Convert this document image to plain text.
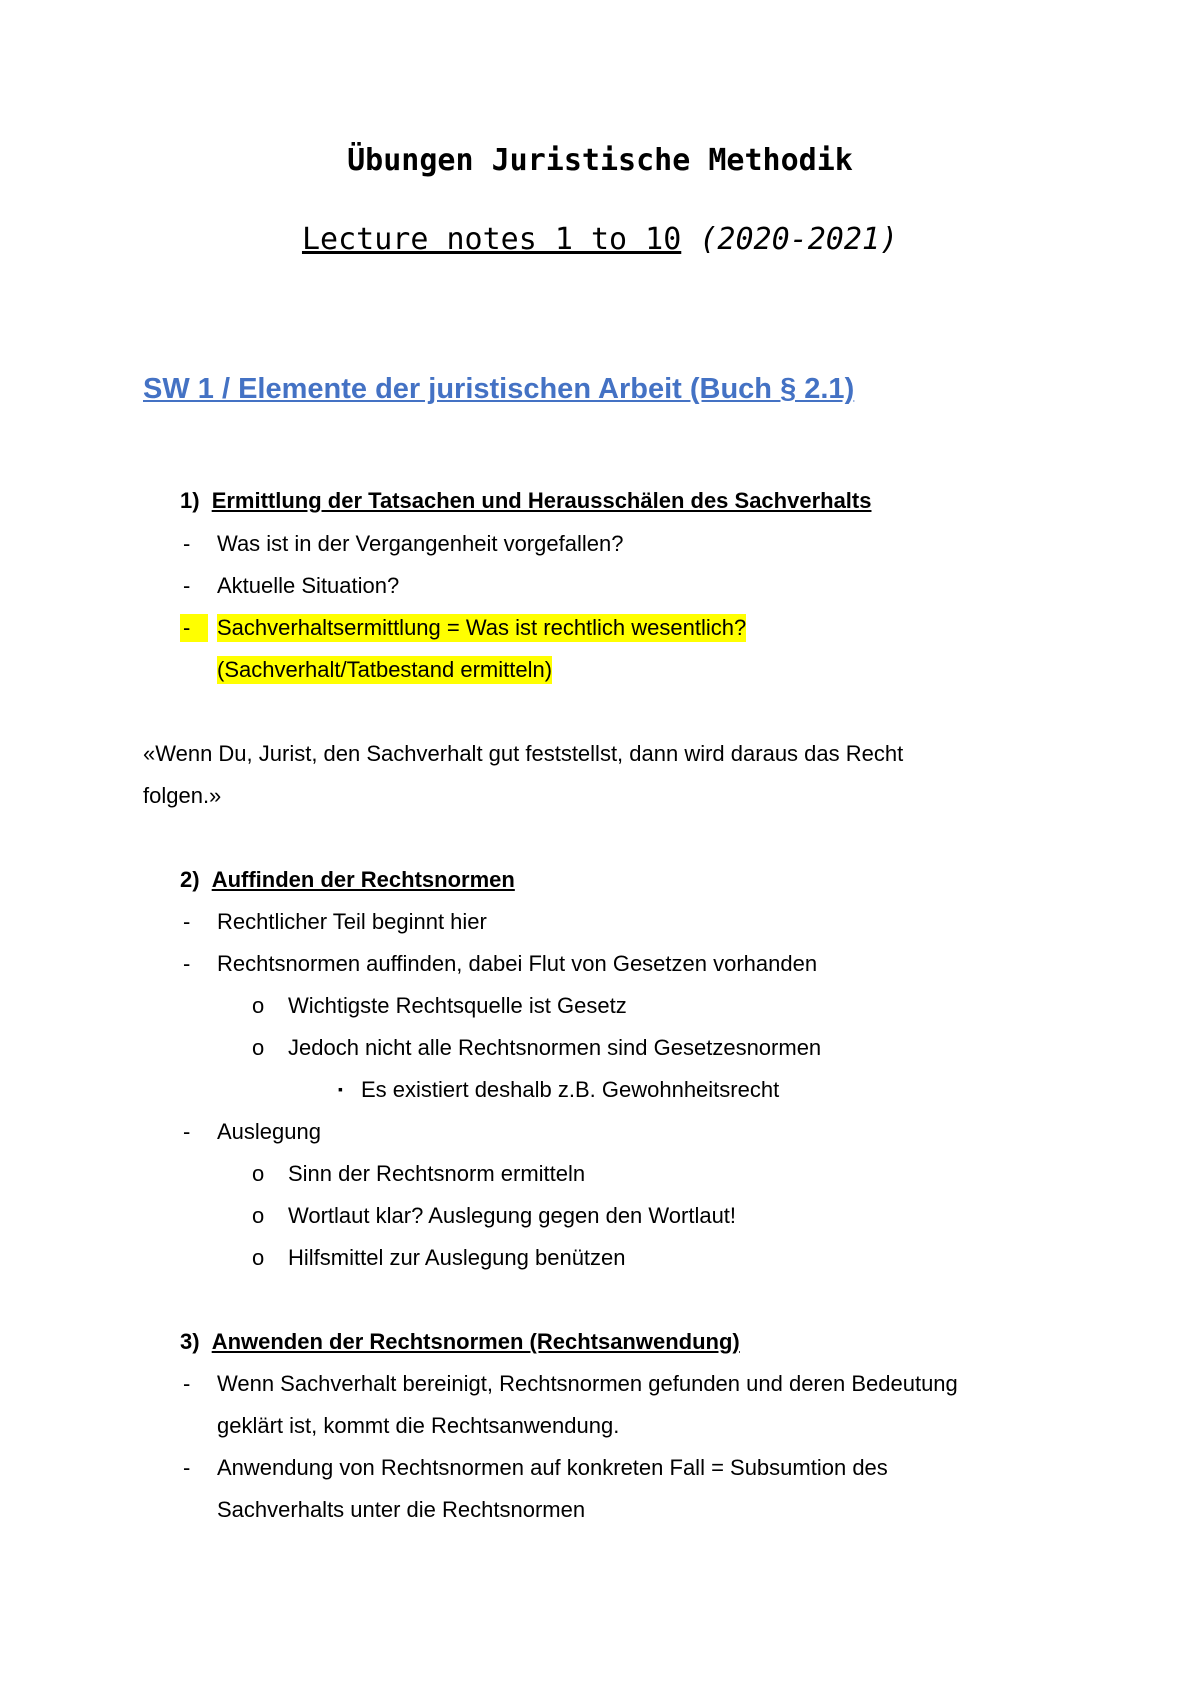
Übungen Juristische Methodik
Lecture notes 1 to 10 (2020-2021)
SW 1 / Elemente der juristischen Arbeit (Buch § 2.1)
1) Ermittlung der Tatsachen und Herausschälen des Sachverhalts
- Was ist in der Vergangenheit vorgefallen?
- Aktuelle Situation?
-	Sachverhaltsermittlung = Was ist rechtlich wesentlich?
(Sachverhalt/Tatbestand ermitteln)
«Wenn Du, Jurist, den Sachverhalt gut feststellst, dann wird daraus das Recht
folgen.»
2) Auffinden der Rechtsnormen
- Rechtlicher Teil beginnt hier
- Rechtsnormen auffinden, dabei Flut von Gesetzen vorhanden
o Wichtigste Rechtsquelle ist Gesetz
o Jedoch nicht alle Rechtsnormen sind Gesetzesnormen
▪ Es existiert deshalb z.B. Gewohnheitsrecht
- Auslegung
o Sinn der Rechtsnorm ermitteln
o Wortlaut klar? Auslegung gegen den Wortlaut!
o Hilfsmittel zur Auslegung benützen
3) Anwenden der Rechtsnormen (Rechtsanwendung)
- Wenn Sachverhalt bereinigt, Rechtsnormen gefunden und deren Bedeutung
geklärt ist, kommt die Rechtsanwendung.
- Anwendung von Rechtsnormen auf konkreten Fall = Subsumtion des
Sachverhalts unter die Rechtsnormen
